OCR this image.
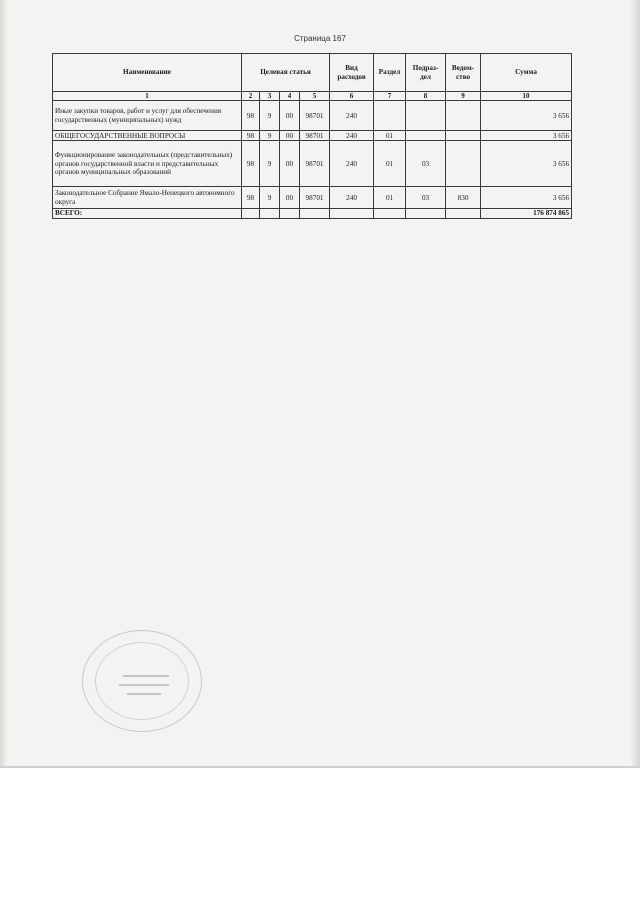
Страница 167
Наименование	Целевая статья				Вид расходов	Раздел	Подраз-дел	Ведом-ство	Сумма
1	2	3	4	5	6	7	8	9	10
Иные закупки товаров, работ и услуг для обеспечения государственных (муниципальных) нужд	98	9	00	98701	240				3 656
ОБЩЕГОСУДАРСТВЕННЫЕ ВОПРОСЫ	98	9	00	98701	240	01			3 656
Функционирование законодательных (представительных) органов государственной власти и представительных органов муниципальных образований	98	9	00	98701	240	01	03		3 656
Законодательное Собрание Ямало-Ненецкого автономного округа	98	9	00	98701	240	01	03	830	3 656
ВСЕГО:									176 874 865
